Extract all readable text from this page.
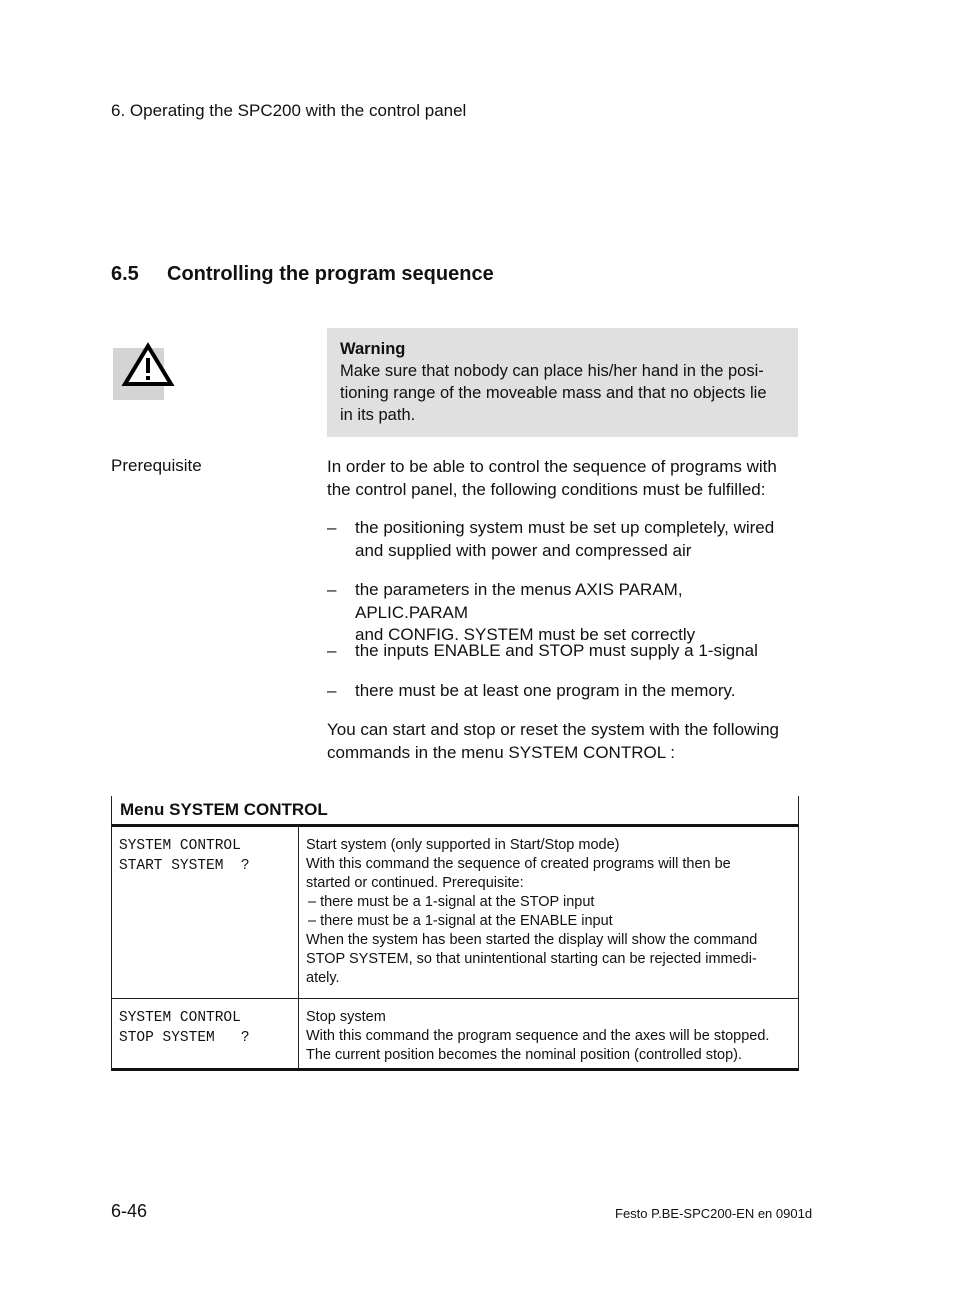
6. Operating the SPC200 with the control panel
6.5 Controlling the program sequence
Warning
Make sure that nobody can place his/her hand in the posi-
tioning range of the moveable mass and that no objects lie
in its path.
Prerequisite	In order to be able to control the sequence of programs with
the control panel, the following conditions must be fulfilled:
– the positioning system must be set up completely, wired
and supplied with power and compressed air
– the parameters in the menus AXIS PARAM, APLIC.PARAM
and CONFIG. SYSTEM must be set correctly
– the inputs ENABLE and STOP must supply a 1-signal
– there must be at least one program in the memory.
You can start and stop or reset the system with the following
commands in the menu SYSTEM CONTROL :
Menu SYSTEM CONTROL
SYSTEM CONTROL
START SYSTEM  ?
Start system (only supported in Start/Stop mode)
With this command the sequence of created programs will then be
started or continued. Prerequisite:
– there must be a 1-signal at the STOP input
– there must be a 1-signal at the ENABLE input
When the system has been started the display will show the command
STOP SYSTEM, so that unintentional starting can be rejected immedi-
ately.
SYSTEM CONTROL
STOP SYSTEM   ?
Stop system
With this command the program sequence and the axes will be stopped.
The current position becomes the nominal position (controlled stop).
6-46	Festo P.BE-SPC200-EN en 0901d
